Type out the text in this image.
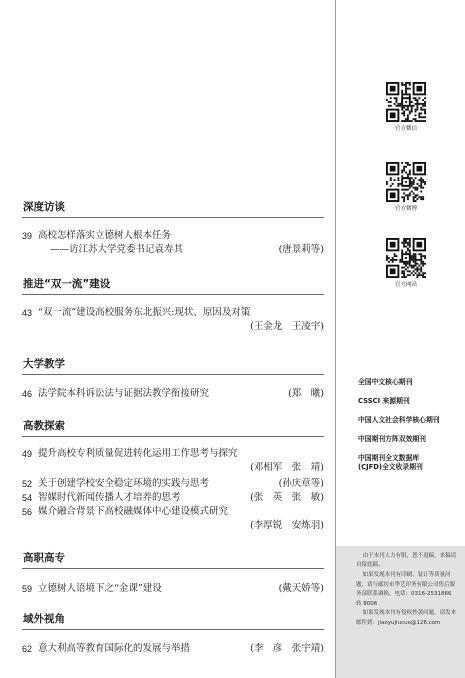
深度访谈
39 高校怎样落实立德树人根本任务
——访江苏大学党委书记袁寿其	(唐景莉等)
推进“双一流”建设
43 “双一流”建设高校服务东北振兴:现状、原因及对策
(王金龙　王凌宇)
大学教学
46 法学院本科诉讼法与证据法教学衔接研究	(郑　曦)
高教探索
49 提升高校专利质量促进转化运用工作思考与探究
(邓相军　张　靖)
52 关于创建学校安全稳定环境的实践与思考	(孙庆章等)
54 智媒时代新闻传播人才培养的思考	(张　英　张　敏)
56 媒介融合背景下高校融媒体中心建设模式研究
(李厚锐　安炼羽)
高职高专
59 立德树人语境下之“金课”建设	(戴天娇等)
域外视角
62 意大利高等教育国际化的发展与举措	(李　彦　张宇靖)
官方微信
官方微博
官方网站
全国中文核心期刊
CSSCI 来源期刊
中国人文社会科学核心期刊
中国期刊方阵双效期刊
中国期刊全文数据库
(CJFD)全文收录期刊

由于本刊人力有限，恕不退稿，来稿请自留底稿。

如果发现本刊有印刷、装订等质量问题，请与廊坊市华艺印务有限公司售后服务部联系调换，电话：0316-2531866 转 8006

如果发现本刊有侵权抄袭问题，请发来邮件到：jiaoyujiucuo@126.com
